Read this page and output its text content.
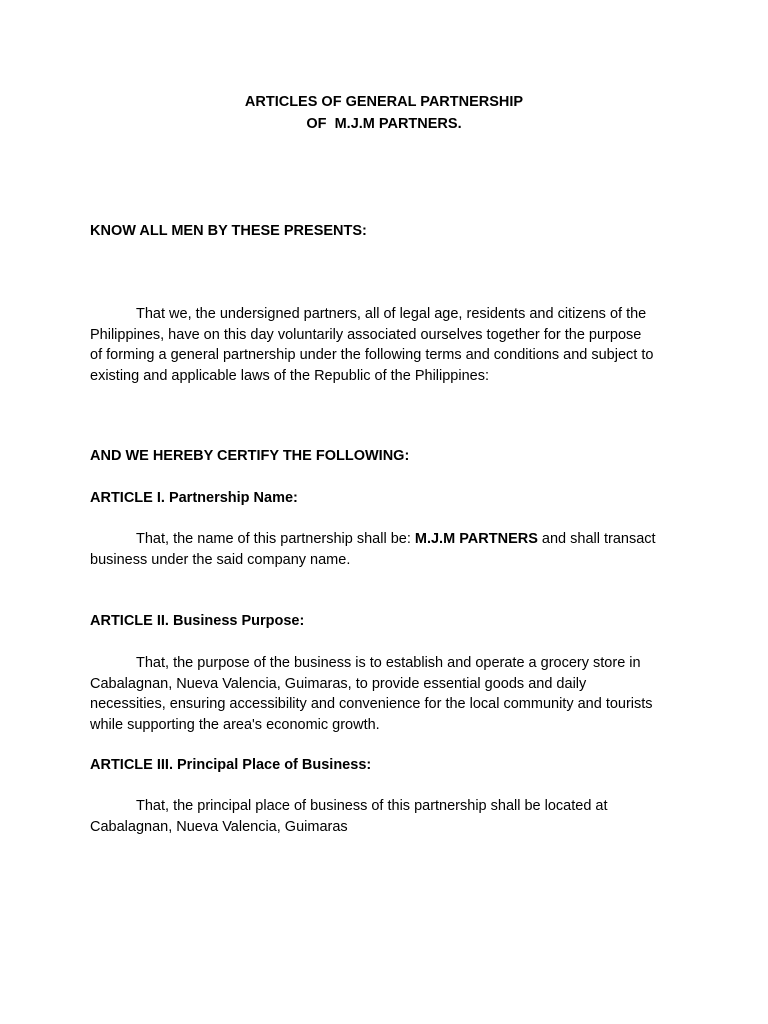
ARTICLES OF GENERAL PARTNERSHIP
OF  M.J.M PARTNERS.
KNOW ALL MEN BY THESE PRESENTS:
That we, the undersigned partners, all of legal age, residents and citizens of the
Philippines, have on this day voluntarily associated ourselves together for the purpose
of forming a general partnership under the following terms and conditions and subject to
existing and applicable laws of the Republic of the Philippines:
AND WE HEREBY CERTIFY THE FOLLOWING:
ARTICLE I. Partnership Name:
That, the name of this partnership shall be: M.J.M PARTNERS and shall transact
business under the said company name.
ARTICLE II. Business Purpose:
That, the purpose of the business is to establish and operate a grocery store in
Cabalagnan, Nueva Valencia, Guimaras, to provide essential goods and daily
necessities, ensuring accessibility and convenience for the local community and tourists
while supporting the area's economic growth.
ARTICLE III. Principal Place of Business:
That, the principal place of business of this partnership shall be located at
Cabalagnan, Nueva Valencia, Guimaras
